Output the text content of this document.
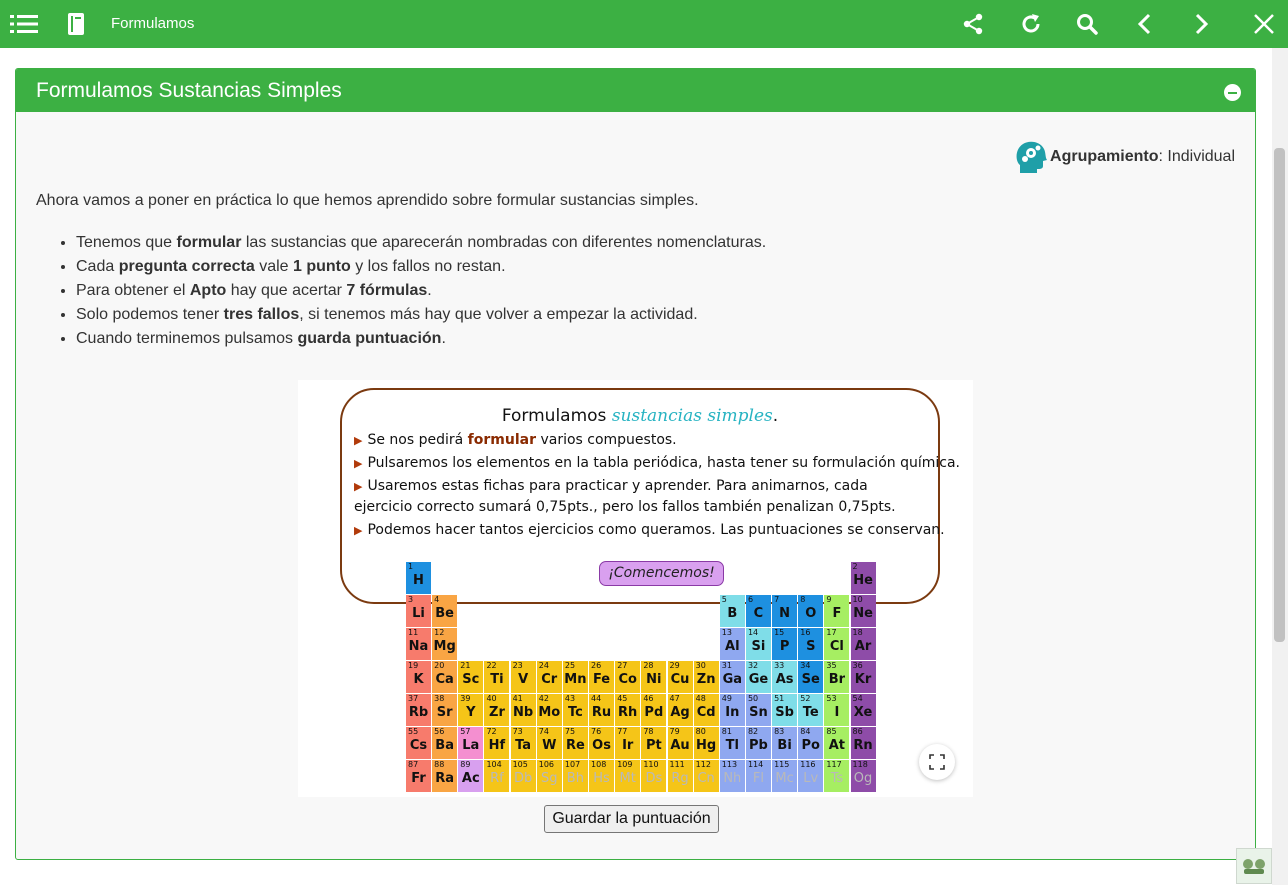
Formulamos
Formulamos Sustancias Simples
Agrupamiento : Individual
Ahora vamos a poner en práctica lo que hemos aprendido sobre formular sustancias simples.
• Tenemos que formular las sustancias que aparecerán nombradas con diferentes nomenclaturas.
• Cada pregunta correcta vale 1 punto y los fallos no restan.
• Para obtener el Apto hay que acertar 7 fórmulas.
• Solo podemos tener tres fallos, si tenemos más hay que volver a empezar la actividad.
• Cuando terminemos pulsamos guarda puntuación.
Formulamos sustancias simples.
▶ Se nos pedirá formular varios compuestos.
▶ Pulsaremos los elementos en la tabla periódica, hasta tener su formulación química.
▶ Usaremos estas fichas para practicar y aprender. Para animarnos, cada
ejercicio correcto sumará 0,75pts., pero los fallos también penalizan 0,75pts.
▶ Podemos hacer tantos ejercicios como queramos. Las puntuaciones se conservan.
¡Comencemos!
1
H
2
He
3
Li
4
Be
5
B
6
C
7
N
8
O
9
F
10
Ne
11
Na
12
Mg
13
Al
14
Si
15
P
16
S
17
Cl
18
Ar
19
K
20
Ca
21
Sc
22
Ti
23
V
24
Cr
25
Mn
26
Fe
27
Co
28
Ni
29
Cu
30
Zn
31
Ga
32
Ge
33
As
34
Se
35
Br
36
Kr
37
Rb
38
Sr
39
Y
40
Zr
41
Nb
42
Mo
43
Tc
44
Ru
45
Rh
46
Pd
47
Ag
48
Cd
49
In
50
Sn
51
Sb
52
Te
53
I
54
Xe
55
Cs
56
Ba
57
La
72
Hf
73
Ta
74
W
75
Re
76
Os
77
Ir
78
Pt
79
Au
80
Hg
81
Tl
82
Pb
83
Bi
84
Po
85
At
86
Rn
87
Fr
88
Ra
89
Ac
104
Rf
105
Db
106
Sg
107
Bh
108
Hs
109
Mt
110
Ds
111
Rg
112
Cn
113
Nh
114
Fl
115
Mc
116
Lv
117
Ts
118
Og
Guardar la puntuación
